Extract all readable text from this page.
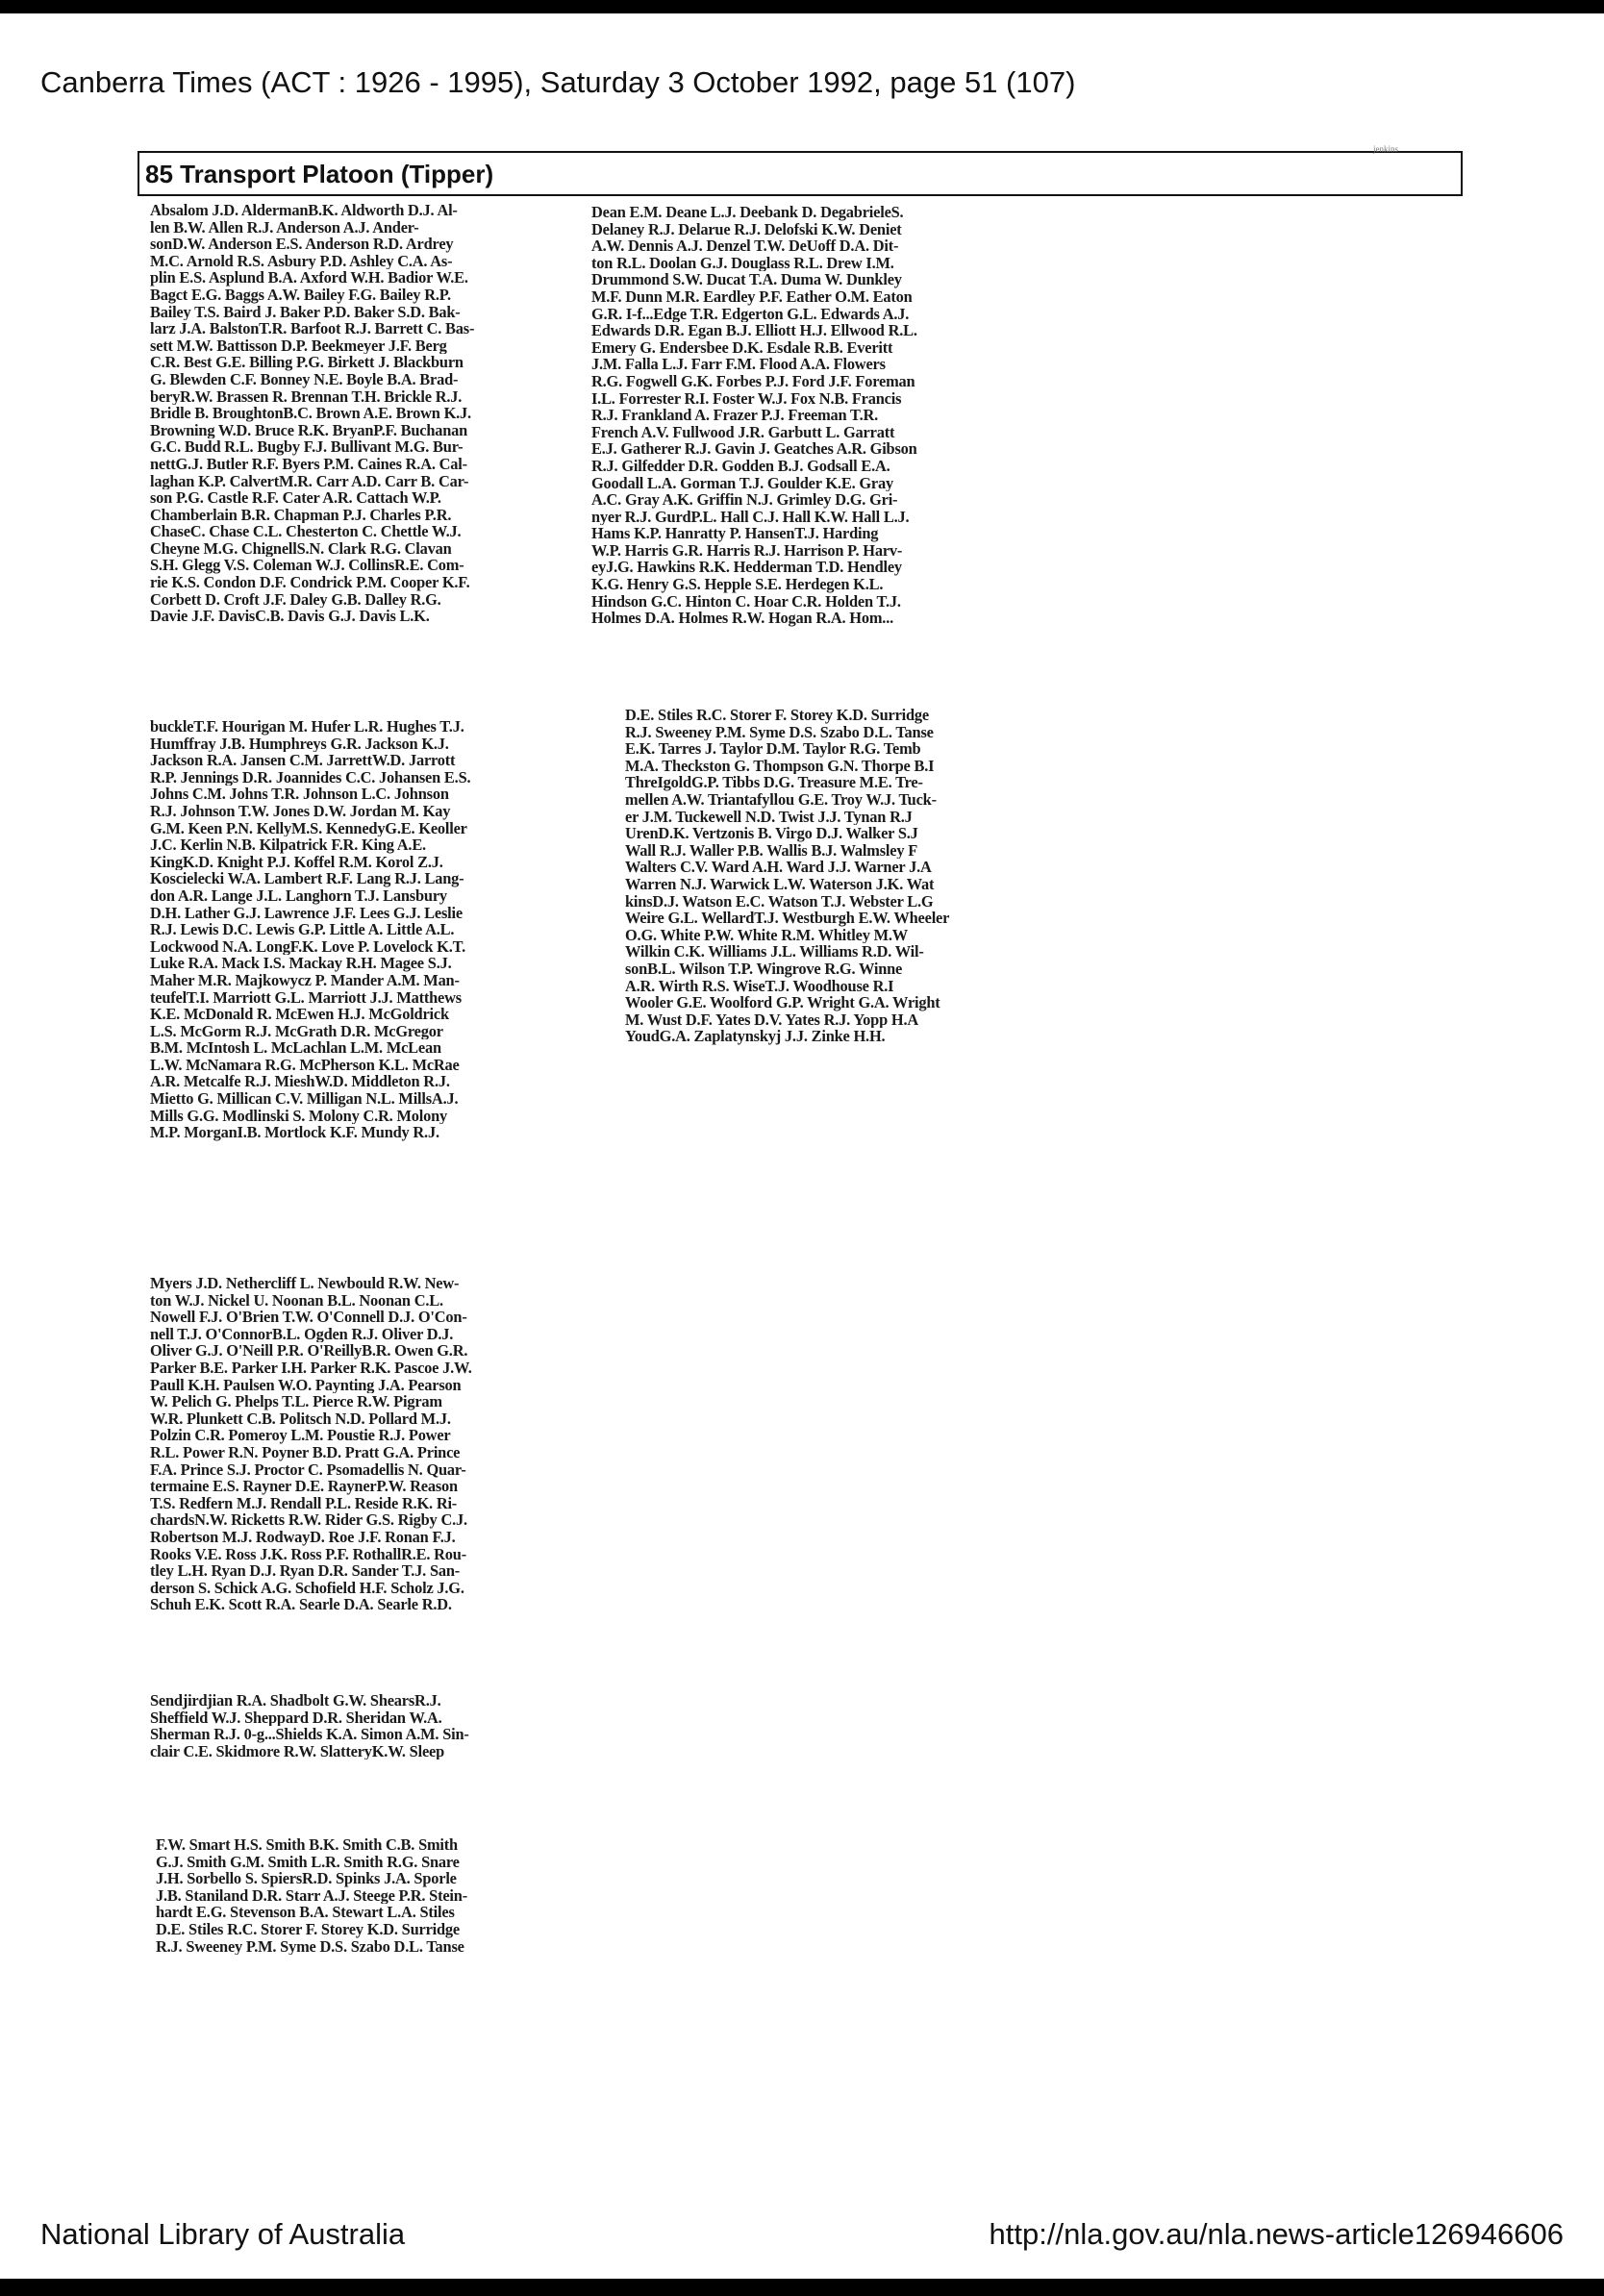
Canberra Times (ACT : 1926 - 1995), Saturday 3 October 1992, page 51 (107)
85 Transport Platoon (Tipper)
jenkins
Absalom J.D. AldermanB.K. Aldworth D.J. Al-
len B.W. Allen R.J. Anderson A.J. Ander-
sonD.W. Anderson E.S. Anderson R.D. Ardrey
M.C. Arnold R.S. Asbury P.D. Ashley C.A. As-
plin E.S. Asplund B.A. Axford W.H. Badior W.E.
Bagct E.G. Baggs A.W. Bailey F.G. Bailey R.P.
Bailey T.S. Baird J. Baker P.D. Baker S.D. Bak-
larz J.A. BalstonT.R. Barfoot R.J. Barrett C. Bas-
sett M.W. Battisson D.P. Beekmeyer J.F. Berg
C.R. Best G.E. Billing P.G. Birkett J. Blackburn
G. Blewden C.F. Bonney N.E. Boyle B.A. Brad-
beryR.W. Brassen R. Brennan T.H. Brickle R.J.
Bridle B. BroughtonB.C. Brown A.E. Brown K.J.
Browning W.D. Bruce R.K. BryanP.F. Buchanan
G.C. Budd R.L. Bugby F.J. Bullivant M.G. Bur-
nettG.J. Butler R.F. Byers P.M. Caines R.A. Cal-
laghan K.P. CalvertM.R. Carr A.D. Carr B. Car-
son P.G. Castle R.F. Cater A.R. Cattach W.P.
Chamberlain B.R. Chapman P.J. Charles P.R.
ChaseC. Chase C.L. Chesterton C. Chettle W.J.
Cheyne M.G. ChignellS.N. Clark R.G. Clavan
S.H. Glegg V.S. Coleman W.J. CollinsR.E. Com-
rie K.S. Condon D.F. Condrick P.M. Cooper K.F.
Corbett D. Croft J.F. Daley G.B. Dalley R.G.
Davie J.F. DavisC.B. Davis G.J. Davis L.K.
Dean E.M. Deane L.J. Deebank D. DegabrieleS.
Delaney R.J. Delarue R.J. Delofski K.W. Deniet
A.W. Dennis A.J. Denzel T.W. DeUoff D.A. Dit-
ton R.L. Doolan G.J. Douglass R.L. Drew I.M.
Drummond S.W. Ducat T.A. Duma W. Dunkley
M.F. Dunn M.R. Eardley P.F. Eather O.M. Eaton
G.R. I-f...Edge T.R. Edgerton G.L. Edwards A.J.
Edwards D.R. Egan B.J. Elliott H.J. Ellwood R.L.
Emery G. Endersbee D.K. Esdale R.B. Everitt
J.M. Falla L.J. Farr F.M. Flood A.A. Flowers
R.G. Fogwell G.K. Forbes P.J. Ford J.F. Foreman
I.L. Forrester R.I. Foster W.J. Fox N.B. Francis
R.J. Frankland A. Frazer P.J. Freeman T.R.
French A.V. Fullwood J.R. Garbutt L. Garratt
E.J. Gatherer R.J. Gavin J. Geatches A.R. Gibson
R.J. Gilfedder D.R. Godden B.J. Godsall E.A.
Goodall L.A. Gorman T.J. Goulder K.E. Gray
A.C. Gray A.K. Griffin N.J. Grimley D.G. Gri-
nyer R.J. GurdP.L. Hall C.J. Hall K.W. Hall L.J.
Hams K.P. Hanratty P. HansenT.J. Harding
W.P. Harris G.R. Harris R.J. Harrison P. Harv-
eyJ.G. Hawkins R.K. Hedderman T.D. Hendley
K.G. Henry G.S. Hepple S.E. Herdegen K.L.
Hindson G.C. Hinton C. Hoar C.R. Holden T.J.
Holmes D.A. Holmes R.W. Hogan R.A. Hom...
buckleT.F. Hourigan M. Hufer L.R. Hughes T.J.
Humffray J.B. Humphreys G.R. Jackson K.J.
Jackson R.A. Jansen C.M. JarrettW.D. Jarrott
R.P. Jennings D.R. Joannides C.C. Johansen E.S.
Johns C.M. Johns T.R. Johnson L.C. Johnson
R.J. Johnson T.W. Jones D.W. Jordan M. Kay
G.M. Keen P.N. KellyM.S. KennedyG.E. Keoller
J.C. Kerlin N.B. Kilpatrick F.R. King A.E.
KingK.D. Knight P.J. Koffel R.M. Korol Z.J.
Koscielecki W.A. Lambert R.F. Lang R.J. Lang-
don A.R. Lange J.L. Langhorn T.J. Lansbury
D.H. Lather G.J. Lawrence J.F. Lees G.J. Leslie
R.J. Lewis D.C. Lewis G.P. Little A. Little A.L.
Lockwood N.A. LongF.K. Love P. Lovelock K.T.
Luke R.A. Mack I.S. Mackay R.H. Magee S.J.
Maher M.R. Majkowycz P. Mander A.M. Man-
teufelT.I. Marriott G.L. Marriott J.J. Matthews
K.E. McDonald R. McEwen H.J. McGoldrick
L.S. McGorm R.J. McGrath D.R. McGregor
B.M. McIntosh L. McLachlan L.M. McLean
L.W. McNamara R.G. McPherson K.L. McRae
A.R. Metcalfe R.J. MieshW.D. Middleton R.J.
Mietto G. Millican C.V. Milligan N.L. MillsA.J.
Mills G.G. Modlinski S. Molony C.R. Molony
M.P. MorganI.B. Mortlock K.F. Mundy R.J.
D.E. Stiles R.C. Storer F. Storey K.D. Surridge
R.J. Sweeney P.M. Syme D.S. Szabo D.L. Tanse
E.K. Tarres J. Taylor D.M. Taylor R.G. Temb
M.A. Theckston G. Thompson G.N. Thorpe B.I
ThreIgoldG.P. Tibbs D.G. Treasure M.E. Tre-
mellen A.W. Triantafyllou G.E. Troy W.J. Tuck-
er J.M. Tuckewell N.D. Twist J.J. Tynan R.J
UrenD.K. Vertzonis B. Virgo D.J. Walker S.J
Wall R.J. Waller P.B. Wallis B.J. Walmsley F
Walters C.V. Ward A.H. Ward J.J. Warner J.A
Warren N.J. Warwick L.W. Waterson J.K. Wat
kinsD.J. Watson E.C. Watson T.J. Webster L.G
Weire G.L. WellardT.J. Westburgh E.W. Wheeler
O.G. White P.W. White R.M. Whitley M.W
Wilkin C.K. Williams J.L. Williams R.D. Wil-
sonB.L. Wilson T.P. Wingrove R.G. Winne
A.R. Wirth R.S. WiseT.J. Woodhouse R.I
Wooler G.E. Woolford G.P. Wright G.A. Wright
M. Wust D.F. Yates D.V. Yates R.J. Yopp H.A
YoudG.A. Zaplatynskyj J.J. Zinke H.H.
Myers J.D. Nethercliff L. Newbould R.W. New-
ton W.J. Nickel U. Noonan B.L. Noonan C.L.
Nowell F.J. O'Brien T.W. O'Connell D.J. O'Con-
nell T.J. O'ConnorB.L. Ogden R.J. Oliver D.J.
Oliver G.J. O'Neill P.R. O'ReillyB.R. Owen G.R.
Parker B.E. Parker I.H. Parker R.K. Pascoe J.W.
Paull K.H. Paulsen W.O. Paynting J.A. Pearson
W. Pelich G. Phelps T.L. Pierce R.W. Pigram
W.R. Plunkett C.B. Politsch N.D. Pollard M.J.
Polzin C.R. Pomeroy L.M. Poustie R.J. Power
R.L. Power R.N. Poyner B.D. Pratt G.A. Prince
F.A. Prince S.J. Proctor C. Psomadellis N. Quar-
termaine E.S. Rayner D.E. RaynerP.W. Reason
T.S. Redfern M.J. Rendall P.L. Reside R.K. Ri-
chardsN.W. Ricketts R.W. Rider G.S. Rigby C.J.
Robertson M.J. RodwayD. Roe J.F. Ronan F.J.
Rooks V.E. Ross J.K. Ross P.F. RothallR.E. Rou-
tley L.H. Ryan D.J. Ryan D.R. Sander T.J. San-
derson S. Schick A.G. Schofield H.F. Scholz J.G.
Schuh E.K. Scott R.A. Searle D.A. Searle R.D.
Sendjirdjian R.A. Shadbolt G.W. ShearsR.J.
Sheffield W.J. Sheppard D.R. Sheridan W.A.
Sherman R.J. 0-g...Shields K.A. Simon A.M. Sin-
clair C.E. Skidmore R.W. SlatteryK.W. Sleep
F.W. Smart H.S. Smith B.K. Smith C.B. Smith
G.J. Smith G.M. Smith L.R. Smith R.G. Snare
J.H. Sorbello S. SpiersR.D. Spinks J.A. Sporle
J.B. Staniland D.R. Starr A.J. Steege P.R. Stein-
hardt E.G. Stevenson B.A. Stewart L.A. Stiles
D.E. Stiles R.C. Storer F. Storey K.D. Surridge
R.J. Sweeney P.M. Syme D.S. Szabo D.L. Tanse
National Library of Australia	http://nla.gov.au/nla.news-article126946606
